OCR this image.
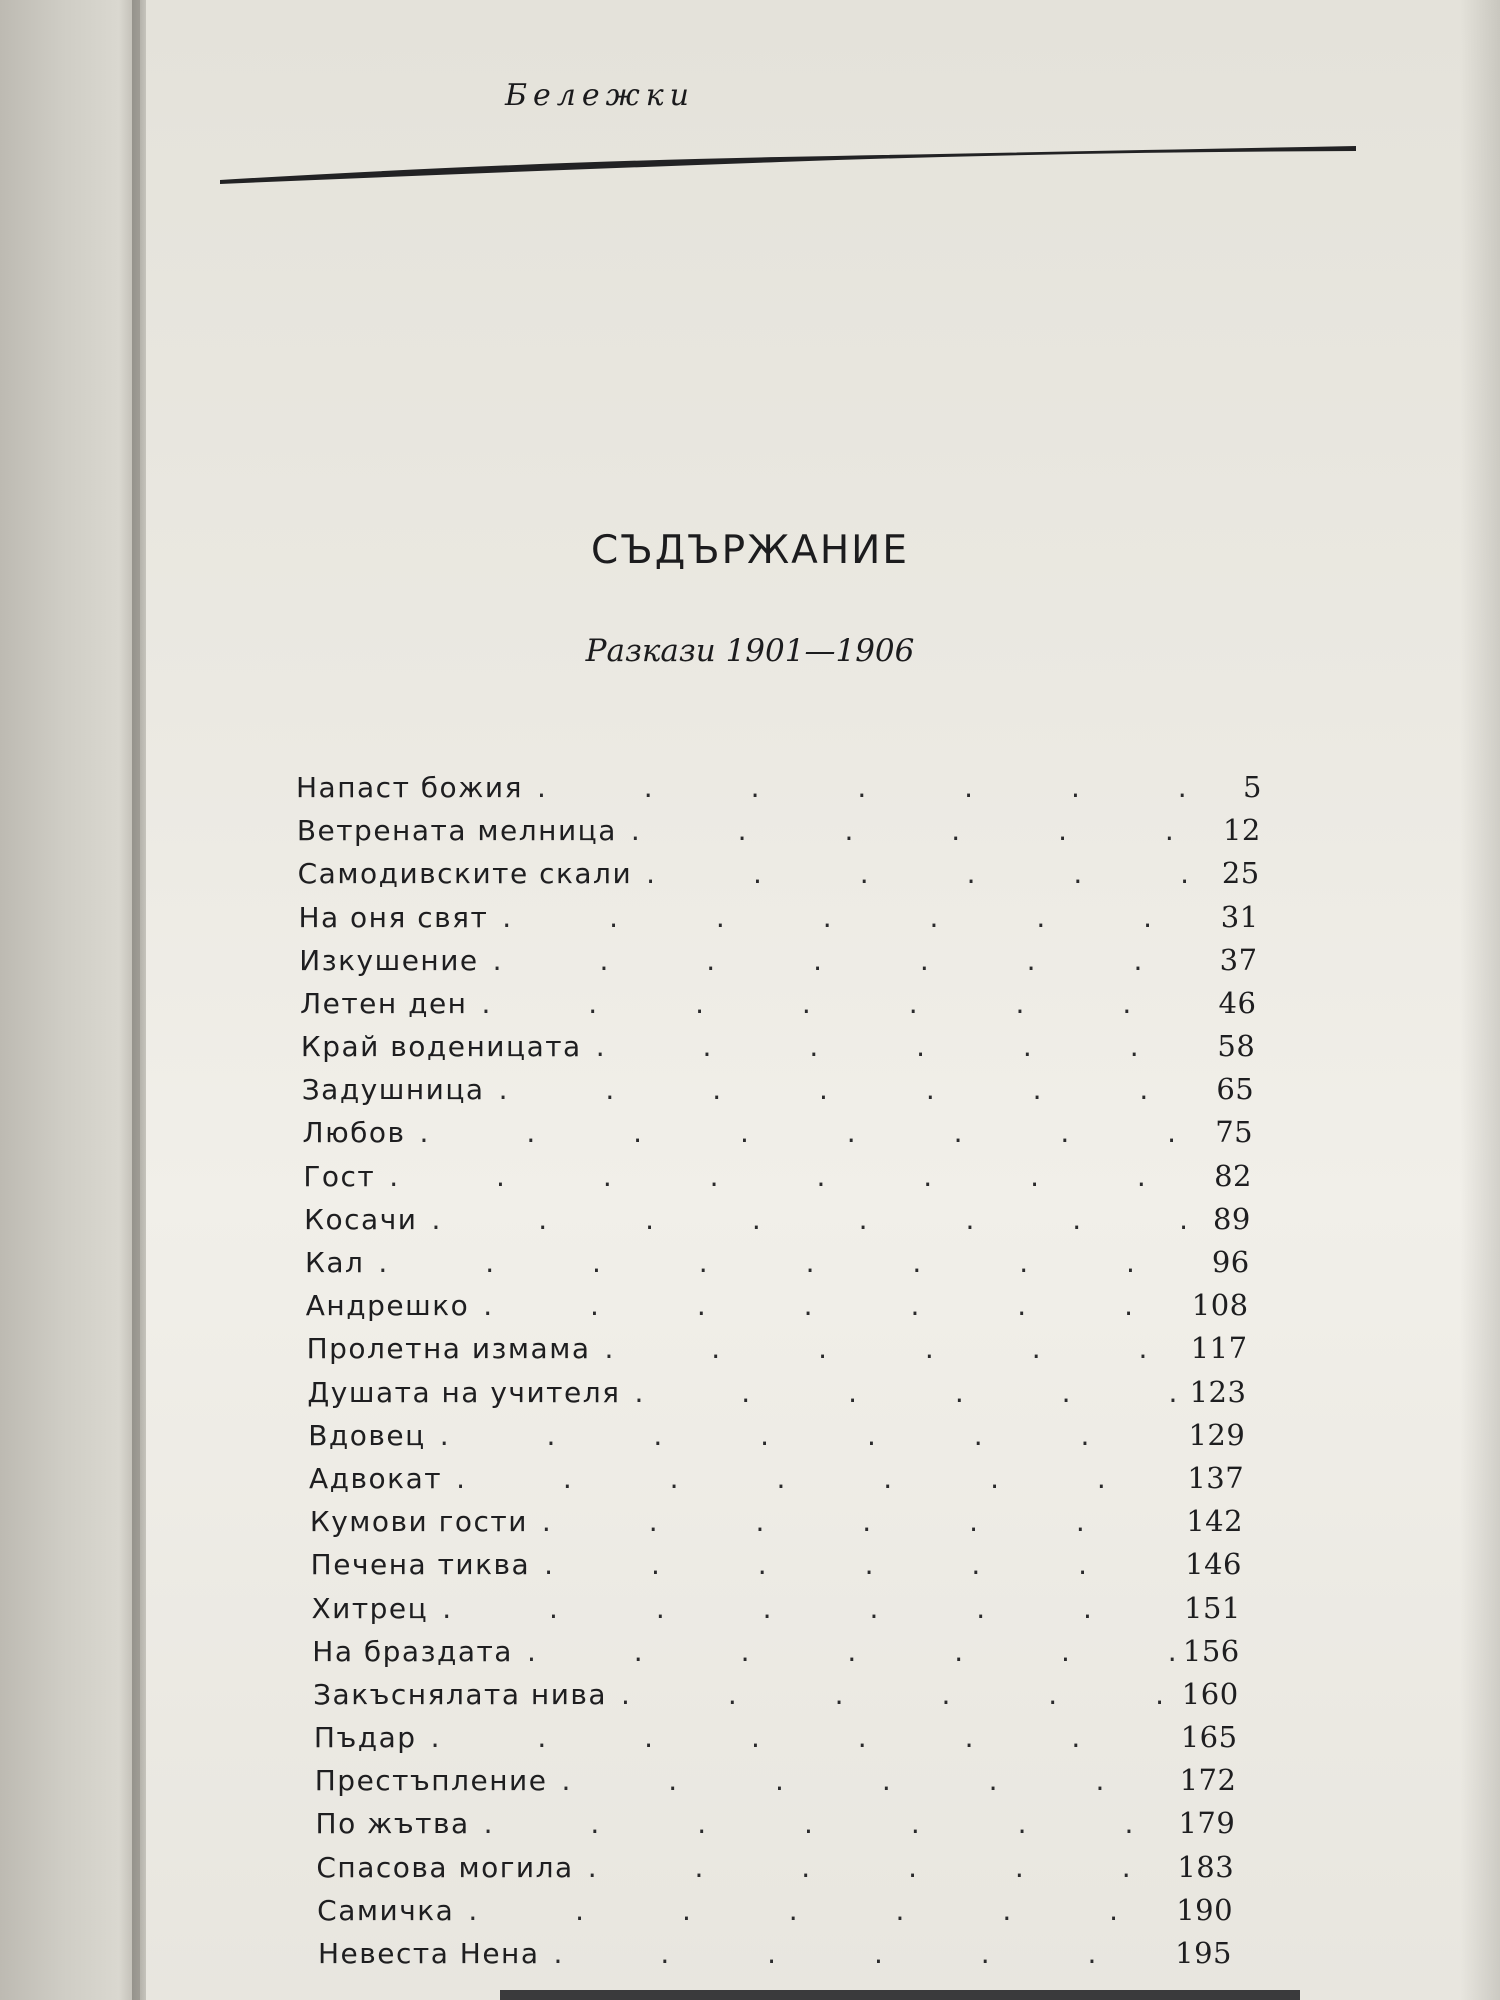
Бележки
СЪДЪРЖАНИЕ
Разкази 1901—1906
Напаст божия .	5
Ветрената мелница .	12
Самодивските скали .	25
На оня свят .	31
Изкушение .	37
Летен ден .	46
Край воденицата .	58
Задушница .	65
Любов .	75
Гост .	82
Косачи .	89
Кал .	96
Андрешко .	108
Пролетна измама .	117
Душата на учителя .	123
Вдовец .	129
Адвокат .	137
Кумови гости .	142
Печена тиква .	146
Хитрец .	151
На браздата .	156
Закъснялата нива .	160
Пъдар .	165
Престъпление .	172
По жътва .	179
Спасова могила .	183
Самичка .	190
Невеста Нена .	195
